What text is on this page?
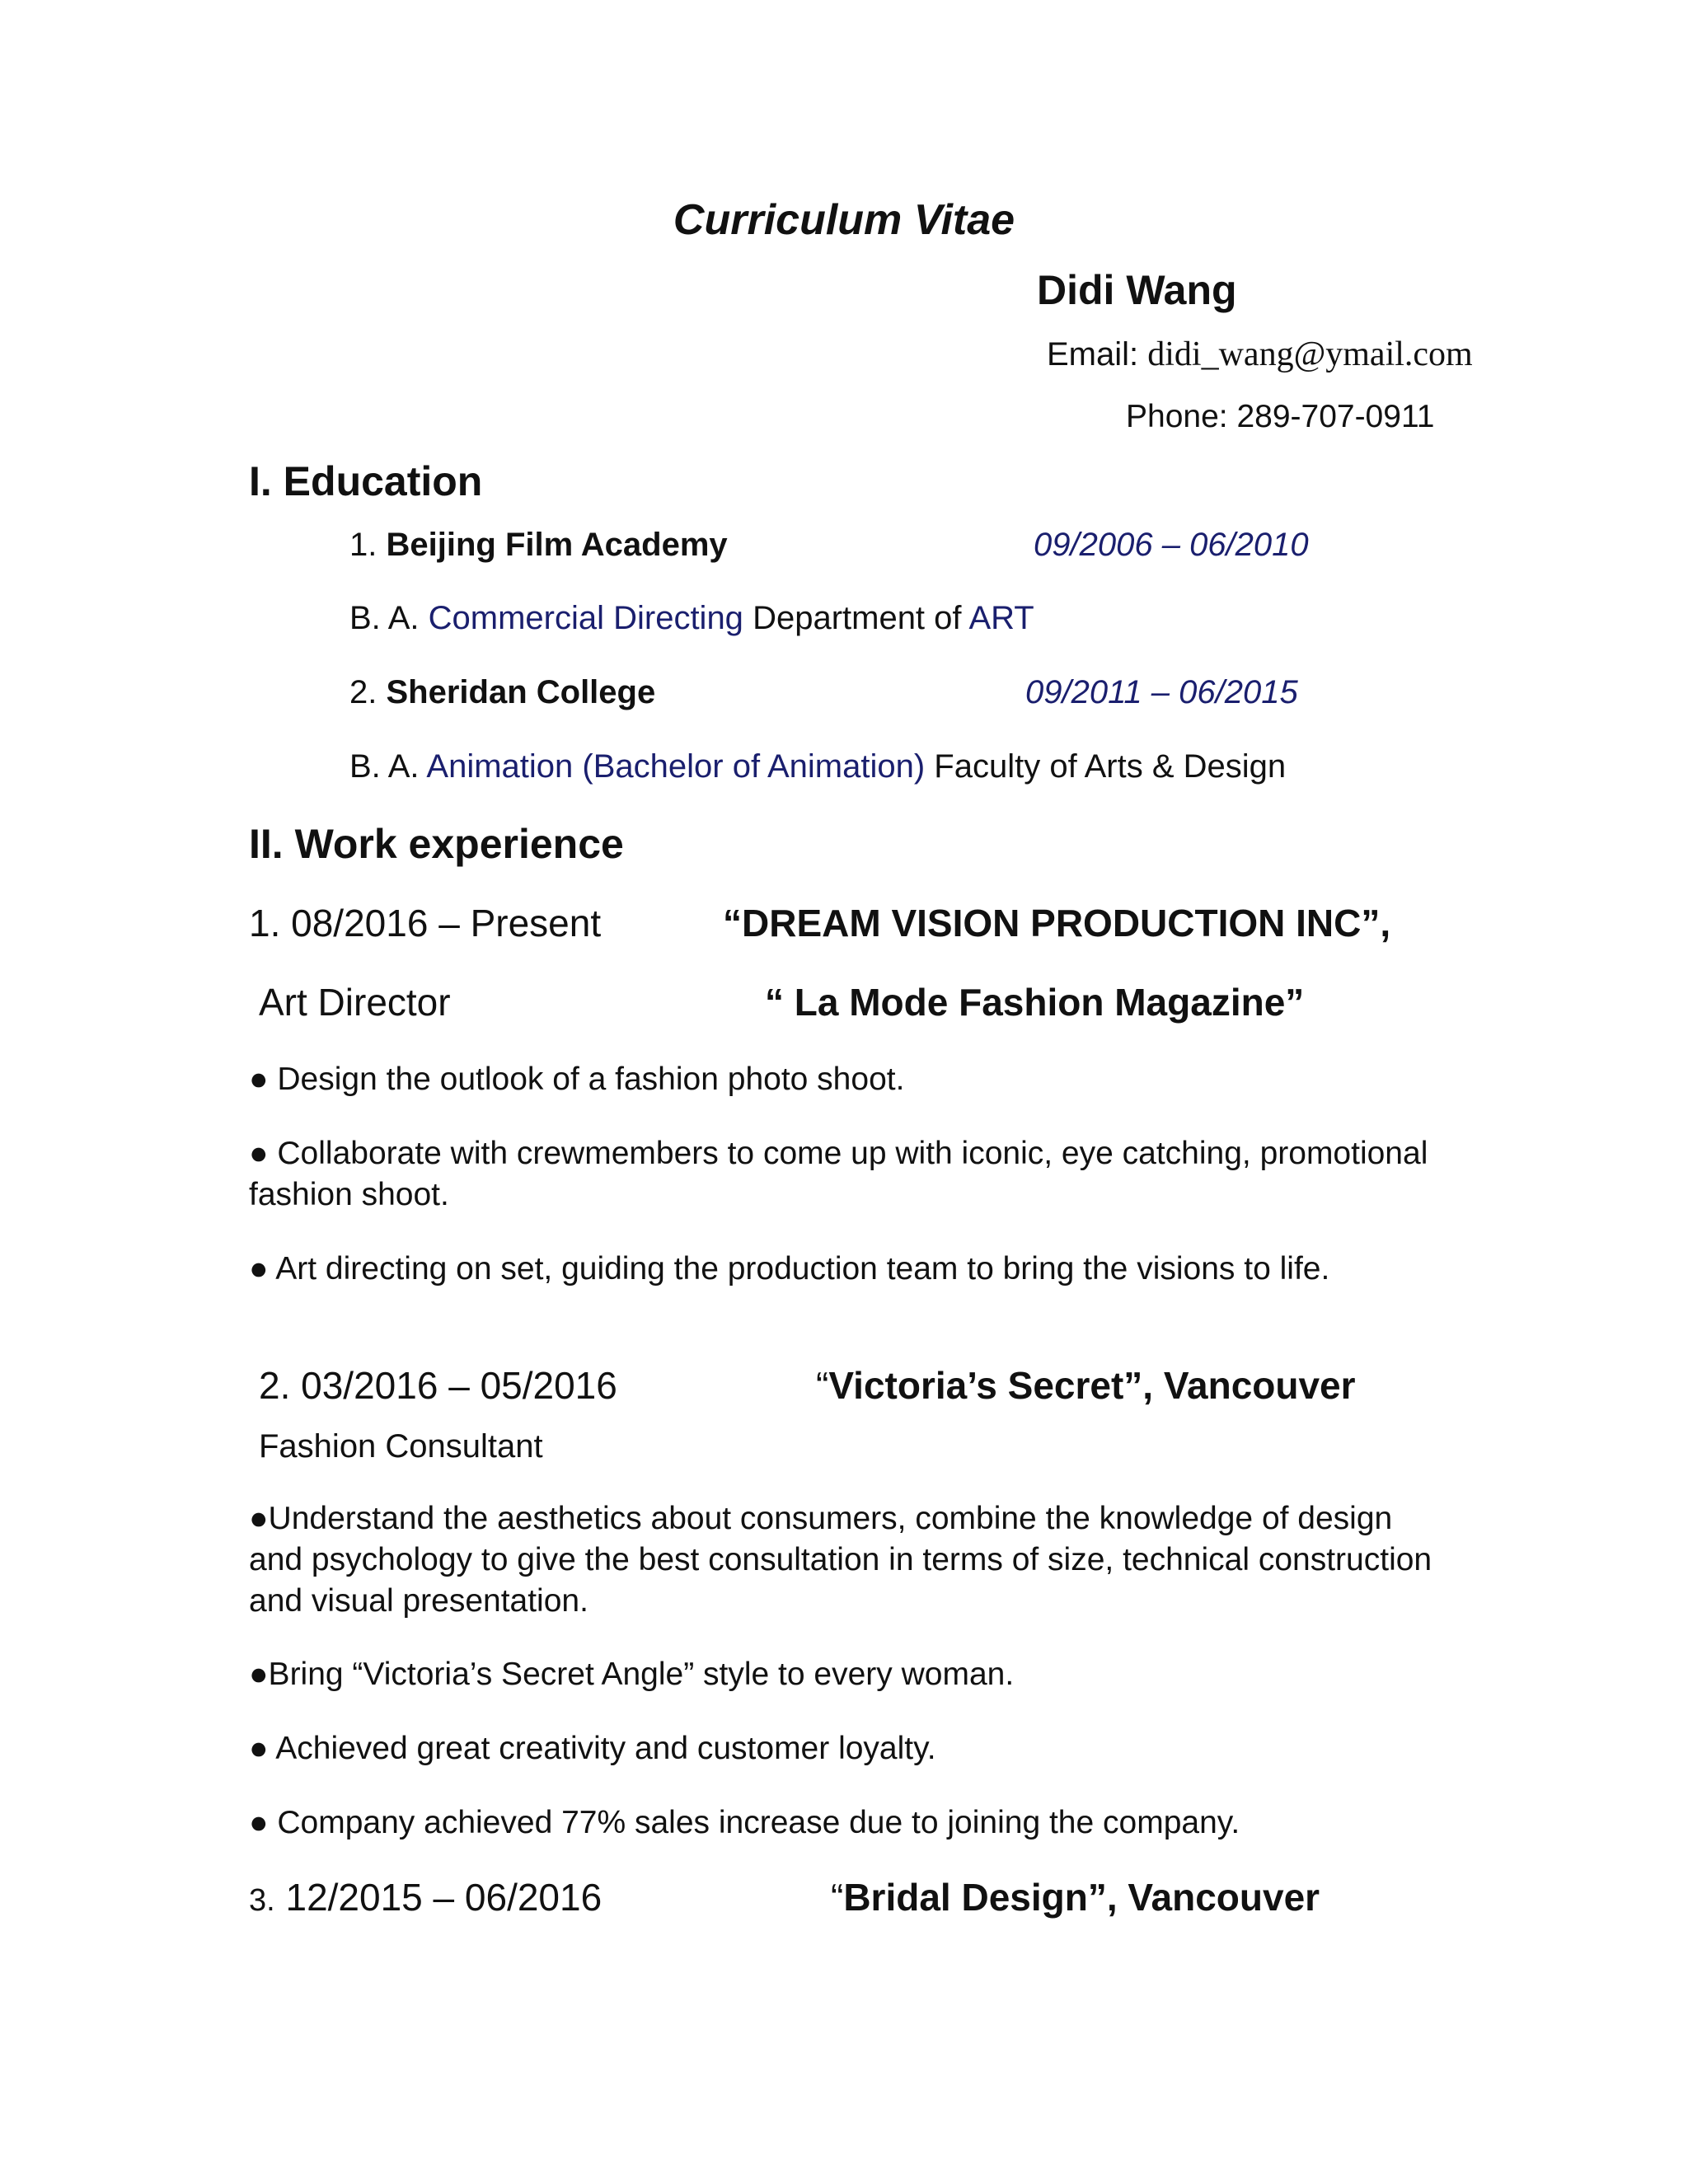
Curriculum Vitae
Didi Wang
Email: didi_wang@ymail.com
Phone: 289-707-0911
I. Education
1. Beijing Film Academy	09/2006 – 06/2010
B. A. Commercial Directing Department of ART
2. Sheridan College	09/2011 – 06/2015
B. A. Animation (Bachelor of Animation) Faculty of Arts & Design
II. Work experience
1. 08/2016 – Present	“DREAM VISION PRODUCTION INC”,
Art Director	“ La Mode Fashion Magazine”
● Design the outlook of a fashion photo shoot.
● Collaborate with crewmembers to come up with iconic, eye catching, promotional fashion shoot.
● Art directing on set, guiding the production team to bring the visions to life.
2. 03/2016 – 05/2016	“Victoria’s Secret”, Vancouver
Fashion Consultant
●Understand the aesthetics about consumers, combine the knowledge of design and psychology to give the best consultation in terms of size, technical construction and visual presentation.
●Bring “Victoria’s Secret Angle” style to every woman.
● Achieved great creativity and customer loyalty.
● Company achieved 77% sales increase due to joining the company.
3. 12/2015 – 06/2016	“Bridal Design”, Vancouver
